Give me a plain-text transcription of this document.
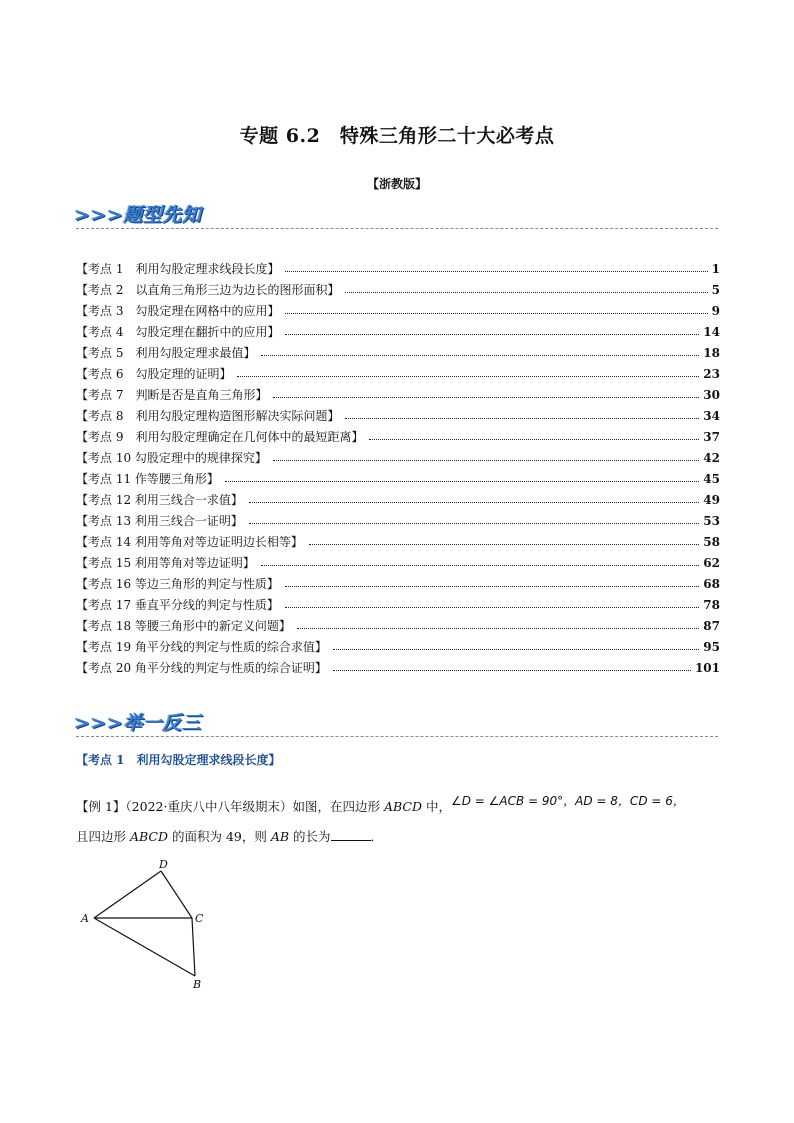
专题 6.2　特殊三角形二十大必考点
【浙教版】
>>>题型先知
【考点 1　利用勾股定理求线段长度】	1
【考点 2　以直角三角形三边为边长的图形面积】	5
【考点 3　勾股定理在网格中的应用】	9
【考点 4　勾股定理在翻折中的应用】	14
【考点 5　利用勾股定理求最值】	18
【考点 6　勾股定理的证明】	23
【考点 7　判断是否是直角三角形】	30
【考点 8　利用勾股定理构造图形解决实际问题】	34
【考点 9　利用勾股定理确定在几何体中的最短距离】	37
【考点 10 勾股定理中的规律探究】	42
【考点 11 作等腰三角形】	45
【考点 12 利用三线合一求值】	49
【考点 13 利用三线合一证明】	53
【考点 14 利用等角对等边证明边长相等】	58
【考点 15 利用等角对等边证明】	62
【考点 16 等边三角形的判定与性质】	68
【考点 17 垂直平分线的判定与性质】	78
【考点 18 等腰三角形中的新定义问题】	87
【考点 19 角平分线的判定与性质的综合求值】	95
【考点 20 角平分线的判定与性质的综合证明】	101
>>>举一反三
【考点 1　利用勾股定理求线段长度】
【例 1】（2022·重庆八中八年级期末）如图，在四边形 ABCD 中，∠D = ∠ACB = 90°，AD = 8，CD = 6，
且四边形 ABCD 的面积为 49，则 AB 的长为	．
A
D
C
B
